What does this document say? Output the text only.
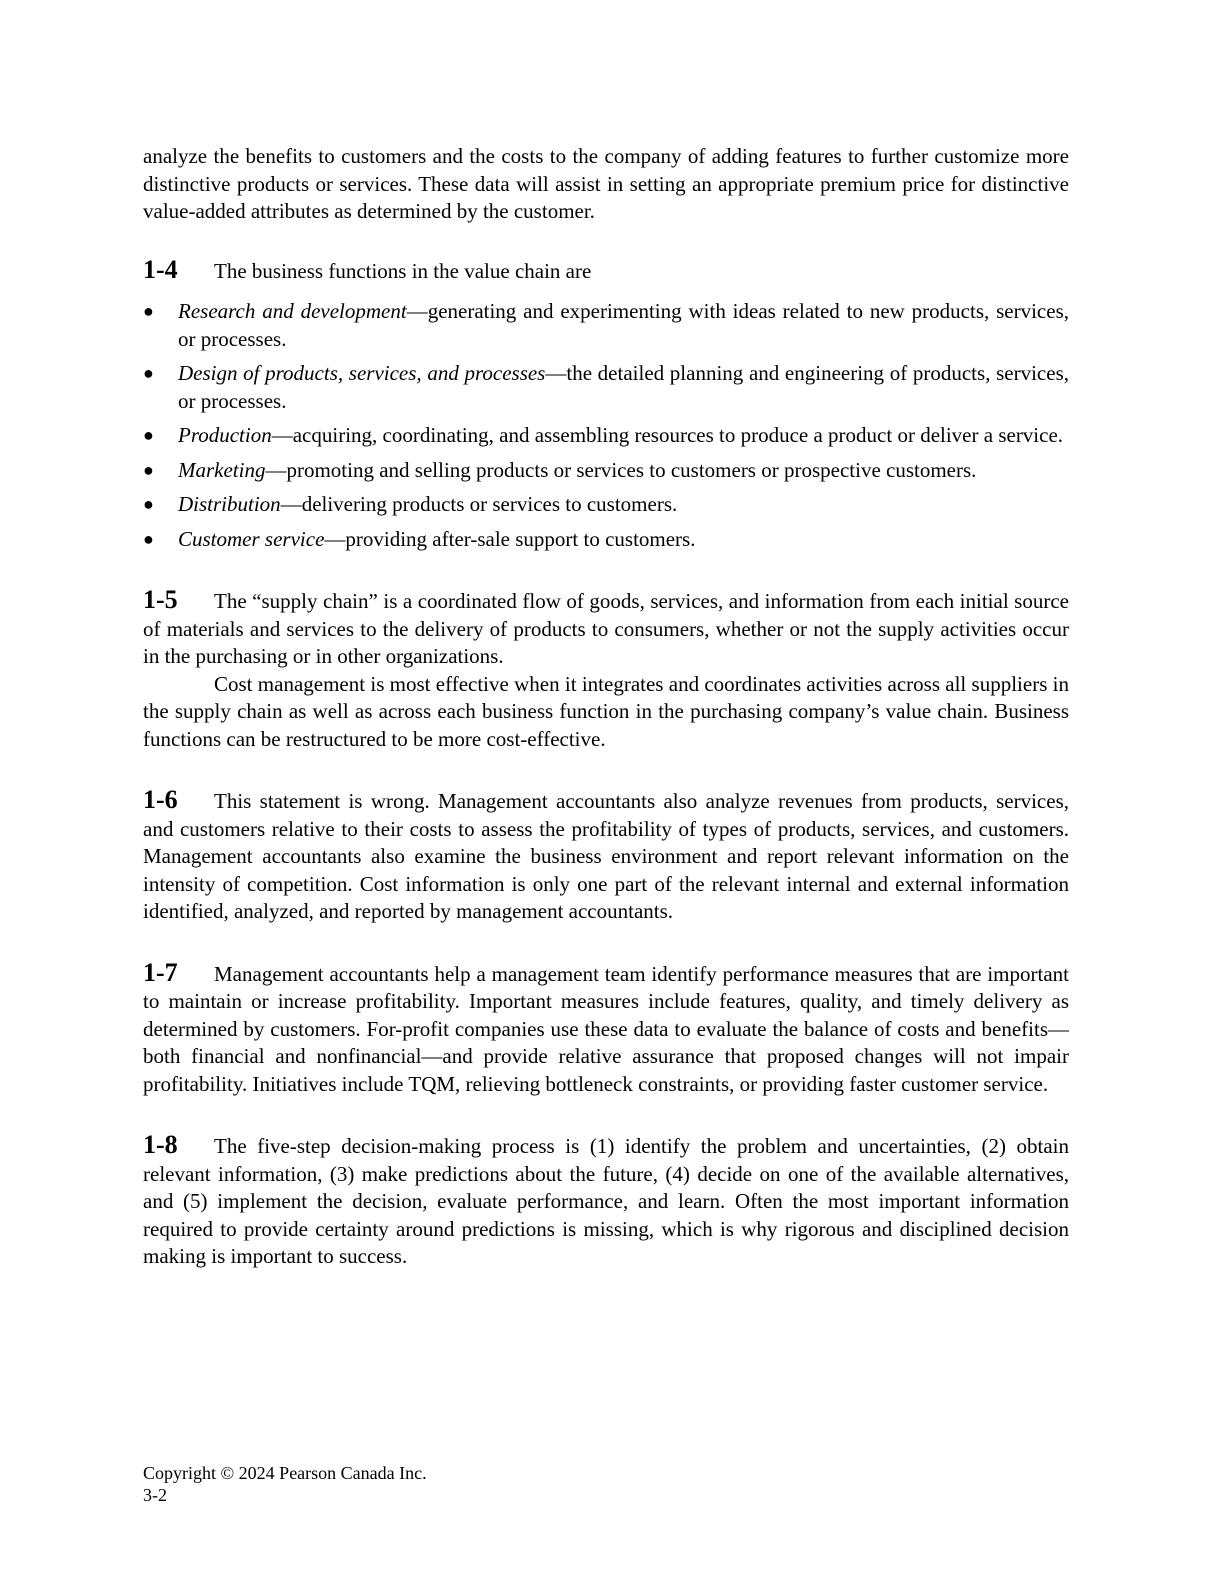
analyze the benefits to customers and the costs to the company of adding features to further customize more distinctive products or services. These data will assist in setting an appropriate premium price for distinctive value-added attributes as determined by the customer.

1-4 The business functions in the value chain are

●	Research and development—generating and experimenting with ideas related to new products, services, or processes.
●	Design of products, services, and processes—the detailed planning and engineering of products, services, or processes.
●	Production—acquiring, coordinating, and assembling resources to produce a product or deliver a service.
●	Marketing—promoting and selling products or services to customers or prospective customers.
●	Distribution—delivering products or services to customers.
●	Customer service—providing after-sale support to customers.

1-5 The “supply chain” is a coordinated flow of goods, services, and information from each initial source of materials and services to the delivery of products to consumers, whether or not the supply activities occur in the purchasing or in other organizations.

Cost management is most effective when it integrates and coordinates activities across all suppliers in the supply chain as well as across each business function in the purchasing company’s value chain. Business functions can be restructured to be more cost-effective.

1-6 This statement is wrong. Management accountants also analyze revenues from products, services, and customers relative to their costs to assess the profitability of types of products, services, and customers. Management accountants also examine the business environment and report relevant information on the intensity of competition. Cost information is only one part of the relevant internal and external information identified, analyzed, and reported by management accountants.

1-7 Management accountants help a management team identify performance measures that are important to maintain or increase profitability. Important measures include features, quality, and timely delivery as determined by customers. For-profit companies use these data to evaluate the balance of costs and benefits—both financial and nonfinancial—and provide relative assurance that proposed changes will not impair profitability. Initiatives include TQM, relieving bottleneck constraints, or providing faster customer service.

1-8 The five-step decision-making process is (1) identify the problem and uncertainties, (2) obtain relevant information, (3) make predictions about the future, (4) decide on one of the available alternatives, and (5) implement the decision, evaluate performance, and learn. Often the most important information required to provide certainty around predictions is missing, which is why rigorous and disciplined decision making is important to success.

Copyright © 2024 Pearson Canada Inc.
3-2
